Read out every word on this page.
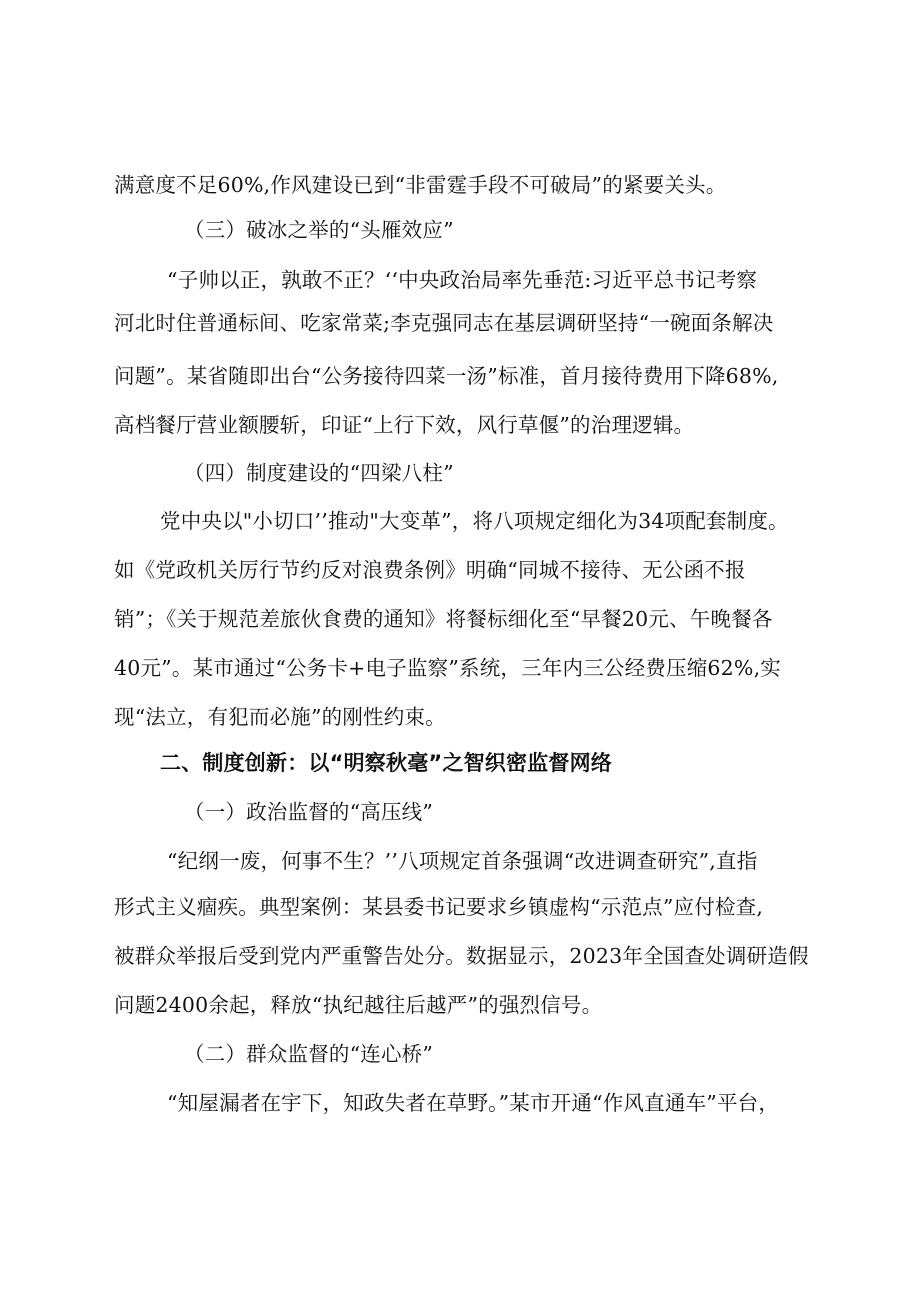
满意度不足60%,作风建设已到“非雷霆手段不可破局”的紧要关头。
（三）破冰之举的“头雁效应”
“子帅以正，孰敢不正？‘‘中央政治局率先垂范:习近平总书记考察
河北时住普通标间、吃家常菜;李克强同志在基层调研坚持“一碗面条解决
问题”。某省随即出台“公务接待四菜一汤”标准，首月接待费用下降68%,
高档餐厅营业额腰斩，印证“上行下效，风行草偃”的治理逻辑。
（四）制度建设的“四梁八柱”
党中央以"小切口’’推动"大变革”，将八项规定细化为34项配套制度。
如《党政机关厉行节约反对浪费条例》明确“同城不接待、无公函不报
销”；《关于规范差旅伙食费的通知》将餐标细化至“早餐20元、午晚餐各
40元”。某市通过“公务卡+电子监察”系统，三年内三公经费压缩62%,实
现“法立，有犯而必施”的刚性约束。
二、制度创新：以“明察秋毫”之智织密监督网络
（一）政治监督的“高压线”
“纪纲一废，何事不生？’’八项规定首条强调“改进调查研究”,直指
形式主义痼疾。典型案例：某县委书记要求乡镇虚构“示范点”应付检查,
被群众举报后受到党内严重警告处分。数据显示，2023年全国查处调研造假
问题2400余起，释放“执纪越往后越严”的强烈信号。
（二）群众监督的“连心桥”
“知屋漏者在宇下，知政失者在草野。”某市开通“作风直通车”平台，
